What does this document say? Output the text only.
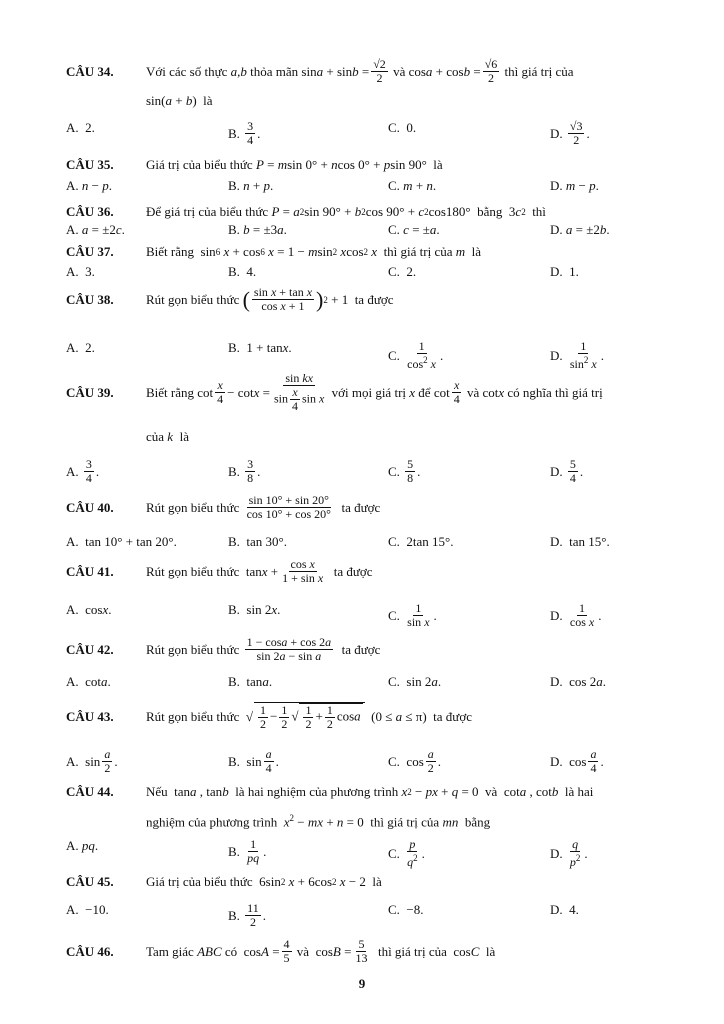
CÂU 34.	Với các số thực a,b thỏa mãn $\sin a + \sin b = \frac{√2}{2}$ và $\cos a + \cos b = \frac{√6}{2}$ thì giá trị của
sin(a + b)  là
A.  2.	B. $\frac{3}{4}$ .	C.  0.	D. $\frac{√3}{2}$ .
CÂU 35.	Giá trị của biểu thức P = m sin 0° + n cos 0° + p sin 90°  là
A. n − p .	B. n + p .	C. m + n .	D. m − p .
CÂU 36.	Để giá trị của biểu thức P = a 2 sin 90° + b 2 cos 90° + c 2 cos180°  bằng  3 c 2 thì
A. a = ±2 c .	B. b = ±3 a .	C. c = ± a .	D. a = ±2 b .
CÂU 37.	Biết rằng  sin 6
x + cos 6
x = 1 − m sin 2
x cos 2
x thì giá trị của m là
A.  3.	B.  4.	C.  2.	D.  1.
CÂU 38.	Rút gọn biểu thức ( $\frac{\text{sin x + tan x}}{\text{cos x + 1}}$ ) 2 + 1  ta được
A.  2.	B.  1 + tan x .	C. $\frac{1}{\cos^2 x}$ .	D. $\frac{1}{\sin^2 x}$ .
CÂU 39.	Biết rằng $\cot \frac{x}{4} - \cot x = \frac{\text{sin kx}}{\sin \frac{x}{4} \sin x}$ với mọi giá trị x để $\cot \frac{x}{4}$ và cot x có nghĩa thì giá trị
của k  là
A. $\frac{3}{4}$ .	B. $\frac{3}{8}$ .	C. $\frac{5}{8}$ .	D. $\frac{5}{4}$ .
CÂU 40.	Rút gọn biểu thức $\frac{\sin 10^\circ + \sin 20^\circ}{\cos 10^\circ + \cos 20^\circ}$ ta được
A.  tan 10° + tan 20°.	B.  tan 30°.	C.  2tan 15°.	D.  tan 15°.
CÂU 41.	Rút gọn biểu thức  $\tan x + \frac{\text{cos x}}{\text{1 + sin x}}$ ta được
A.  cos x .	B.  sin 2 x .	C. $\frac{1}{\text{sin x}}$ .	D. $\frac{1}{\text{cos x}}$ .
CÂU 42.	Rút gọn biểu thức $\frac{1 - \cos a + \cos 2a}{\text{sin 2a − sin a}}$ ta được
A.  cot a .	B.  tan a .	C.  sin 2 a .	D.  cos 2 a .
CÂU 43.	Rút gọn biểu thức  √ $\frac{1}{2} - \frac{1}{2}$ √ $\frac{1}{2} + \frac{1}{2}$ cosa (0 ≤ a ≤ π)  ta được
A.  $\sin \frac{a}{2}$ .	B.  $\sin \frac{a}{4}$ .	C.  $\cos \frac{a}{2}$ .	D.  $\cos \frac{a}{4}$ .
CÂU 44.	Nếu  tan a , tan b là hai nghiệm của phương trình x 2 − px + q = 0  và  cot a , cot b là hai
nghiệm của phương trình  $x^2$ − mx + n = 0  thì giá trị của mn  bằng
A. pq .	B. $\frac{1}{pq}$ .	C. $\frac{p}{q^2}$ .	D. $\frac{q}{p^2}$ .
CÂU 45.	Giá trị của biểu thức  6sin 2
x + 6cos 2
x − 2  là
A.  −10.	B. $\frac{11}{2}$ .	C.  −8.	D.  4.
CÂU 46.	Tam giác ABC có  $\cos A = \frac{4}{5}$ và  $\cos B = \frac{5}{13}$ thì giá trị của  cos C là
9
